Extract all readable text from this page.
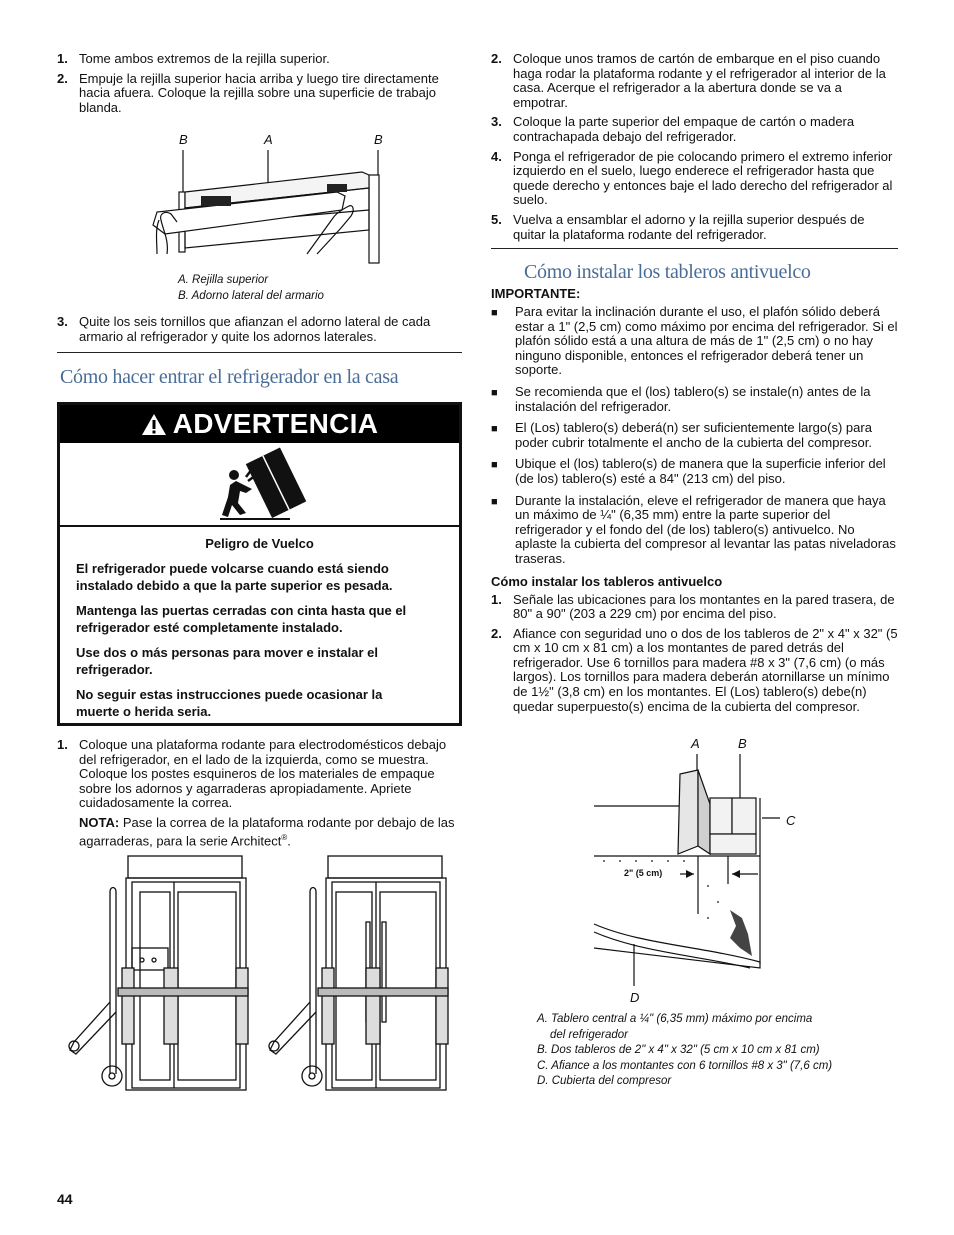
1. Tome ambos extremos de la rejilla superior.
2. Empuje la rejilla superior hacia arriba y luego tire directamente hacia afuera. Coloque la rejilla sobre una superficie de trabajo blanda.
B	A	B
A. Rejilla superior
B. Adorno lateral del armario
3. Quite los seis tornillos que afianzan el adorno lateral de cada armario al refrigerador y quite los adornos laterales.
Cómo hacer entrar el refrigerador en la casa
ADVERTENCIA

Peligro de Vuelco

El refrigerador puede volcarse cuando está siendo instalado debido a que la parte superior es pesada.

Mantenga las puertas cerradas con cinta hasta que el refrigerador esté completamente instalado.

Use dos o más personas para mover e instalar el refrigerador.

No seguir estas instrucciones puede ocasionar la muerte o herida seria.

1. Coloque una plataforma rodante para electrodomésticos debajo del refrigerador, en el lado de la izquierda, como se muestra. Coloque los postes esquineros de los materiales de empaque sobre los adornos y agarraderas apropiadamente. Apriete cuidadosamente la correa.
NOTA: Pase la correa de la plataforma rodante por debajo de las agarraderas, para la serie Architect®.
2. Coloque unos tramos de cartón de embarque en el piso cuando haga rodar la plataforma rodante y el refrigerador al interior de la casa. Acerque el refrigerador a la abertura donde se va a empotrar.
3. Coloque la parte superior del empaque de cartón o madera contrachapada debajo del refrigerador.
4. Ponga el refrigerador de pie colocando primero el extremo inferior izquierdo en el suelo, luego enderece el refrigerador hasta que quede derecho y entonces baje el lado derecho del refrigerador al suelo.
5. Vuelva a ensamblar el adorno y la rejilla superior después de quitar la plataforma rodante del refrigerador.
Cómo instalar los tableros antivuelco
IMPORTANTE:
■	Para evitar la inclinación durante el uso, el plafón sólido deberá estar a 1" (2,5 cm) como máximo por encima del refrigerador. Si el plafón sólido está a una altura de más de 1" (2,5 cm) o no hay ninguno disponible, entonces el refrigerador deberá tener un soporte.
■	Se recomienda que el (los) tablero(s) se instale(n) antes de la instalación del refrigerador.
■	El (Los) tablero(s) deberá(n) ser suficientemente largo(s) para poder cubrir totalmente el ancho de la cubierta del compresor.
■	Ubique el (los) tablero(s) de manera que la superficie inferior del (de los) tablero(s) esté a 84" (213 cm) del piso.
■	Durante la instalación, eleve el refrigerador de manera que haya un máximo de ¼" (6,35 mm) entre la parte superior del refrigerador y el fondo del (de los) tablero(s) antivuelco. No aplaste la cubierta del compresor al levantar las patas niveladoras traseras.
Cómo instalar los tableros antivuelco
1. Señale las ubicaciones para los montantes en la pared trasera, de 80" a 90" (203 a 229 cm) por encima del piso.
2. Afiance con seguridad uno o dos de los tableros de 2" x 4" x 32" (5 cm x 10 cm x 81 cm) a los montantes de pared detrás del refrigerador. Use 6 tornillos para madera #8 x 3" (7,6 cm) (o más largos). Los tornillos para madera deberán atornillarse un mínimo de 1½" (3,8 cm) en los montantes. El (Los) tablero(s) debe(n) quedar superpuesto(s) encima de la cubierta del compresor.
A	B
C
D
2" (5 cm)
A. Tablero central a ¼" (6,35 mm) máximo por encima
del refrigerador
B. Dos tableros de 2" x 4" x 32" (5 cm x 10 cm x 81 cm)
C. Afiance a los montantes con 6 tornillos #8 x 3" (7,6 cm)
D. Cubierta del compresor
44
